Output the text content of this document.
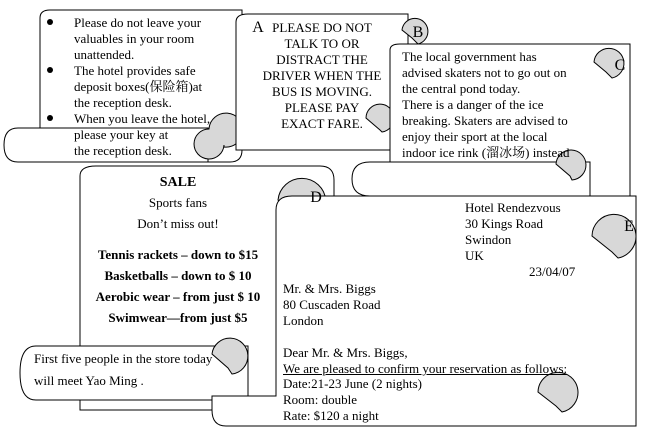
A	B
C
D
E
Please do not leave your
valuables in your room
unattended.
The hotel provides safe
deposit boxes(保险箱)at
the reception desk.
When you leave the hotel,
please your key at
the reception desk.
PLEASE DO NOT
TALK TO OR
DISTRACT THE
DRIVER WHEN THE
BUS IS MOVING.
PLEASE PAY
EXACT FARE.
The local government has
advised skaters not to go out on
the central pond today.
There is a danger of the ice
breaking. Skaters are advised to
enjoy their sport at the local
indoor ice rink (溜冰场) instead
SALE
Sports fans
Don’t miss out!
Tennis rackets – down to $15
Basketballs – down to $ 10
Aerobic wear – from just $ 10
Swimwear—from just $5
First five people in the store today
will meet Yao Ming .
Hotel Rendezvous
30 Kings Road
Swindon
UK
23/04/07
Mr. & Mrs. Biggs
80 Cuscaden Road
London
Dear Mr. & Mrs. Biggs,
We are pleased to confirm your reservation as follows:
Date:21-23 June (2 nights)
Room: double
Rate: $120 a night
